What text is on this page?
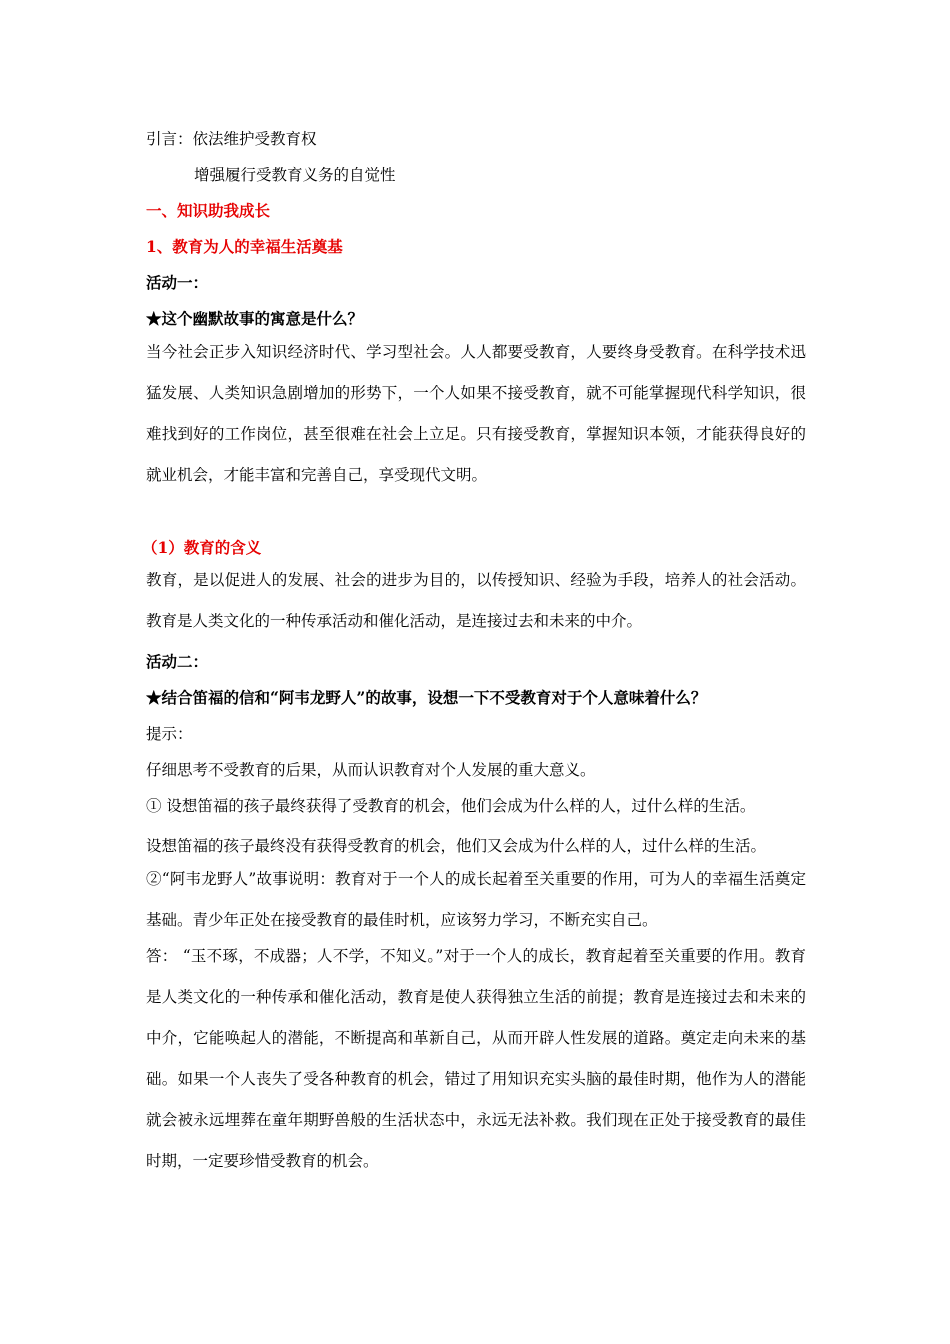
引言：依法维护受教育权
增强履行受教育义务的自觉性
一、知识助我成长
1、教育为人的幸福生活奠基
活动一：
★这个幽默故事的寓意是什么？

当今社会正步入知识经济时代、学习型社会。人人都要受教育，人要终身受教育。在科学技术迅猛发展、人类知识急剧增加的形势下，一个人如果不接受教育，就不可能掌握现代科学知识，很难找到好的工作岗位，甚至很难在社会上立足。只有接受教育，掌握知识本领，才能获得良好的就业机会，才能丰富和完善自己，享受现代文明。

（1）教育的含义

教育，是以促进人的发展、社会的进步为目的，以传授知识、经验为手段，培养人的社会活动。教育是人类文化的一种传承活动和催化活动，是连接过去和未来的中介。

活动二：
★结合笛福的信和“阿韦龙野人”的故事，设想一下不受教育对于个人意味着什么？
提示：
仔细思考不受教育的后果，从而认识教育对个人发展的重大意义。
① 设想笛福的孩子最终获得了受教育的机会，他们会成为什么样的人，过什么样的生活。
设想笛福的孩子最终没有获得受教育的机会，他们又会成为什么样的人，过什么样的生活。

②“阿韦龙野人”故事说明：教育对于一个人的成长起着至关重要的作用，可为人的幸福生活奠定基础。青少年正处在接受教育的最佳时机，应该努力学习，不断充实自己。

答： “玉不琢，不成器；人不学，不知义。”对于一个人的成长，教育起着至关重要的作用。教育是人类文化的一种传承和催化活动，教育是使人获得独立生活的前提；教育是连接过去和未来的中介，它能唤起人的潜能，不断提高和革新自己，从而开辟人性发展的道路。奠定走向未来的基础。如果一个人丧失了受各种教育的机会，错过了用知识充实头脑的最佳时期，他作为人的潜能就会被永远埋葬在童年期野兽般的生活状态中，永远无法补救。我们现在正处于接受教育的最佳时期，一定要珍惜受教育的机会。
